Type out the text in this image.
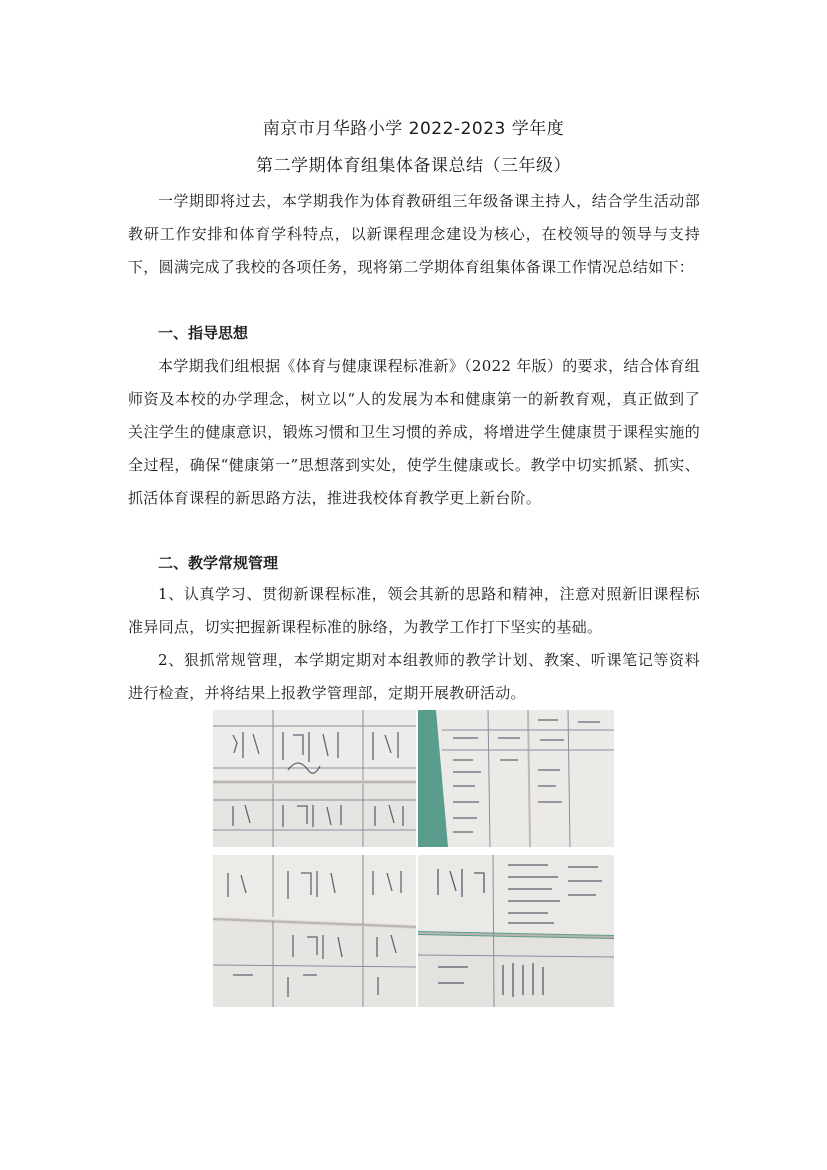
南京市月华路小学 2022-2023 学年度
第二学期体育组集体备课总结（三年级）

一学期即将过去，本学期我作为体育教研组三年级备课主持人，结合学生活动部教研工作安排和体育学科特点，以新课程理念建设为核心，在校领导的领导与支持下，圆满完成了我校的各项任务，现将第二学期体育组集体备课工作情况总结如下：

一、指导思想

本学期我们组根据《体育与健康课程标准新》（2022 年版）的要求，结合体育组师资及本校的办学理念，树立以“人的发展为本和健康第一的新教育观，真正做到了关注学生的健康意识，锻炼习惯和卫生习惯的养成，将增进学生健康贯于课程实施的全过程，确保“健康第一”思想落到实处，使学生健康或长。教学中切实抓紧、抓实、抓活体育课程的新思路方法，推进我校体育教学更上新台阶。

二、教学常规管理

1、认真学习、贯彻新课程标准，领会其新的思路和精神，注意对照新旧课程标准异同点，切实把握新课程标准的脉络，为教学工作打下坚实的基础。

2、狠抓常规管理，本学期定期对本组教师的教学计划、教案、听课笔记等资料进行检查，并将结果上报教学管理部，定期开展教研活动。
